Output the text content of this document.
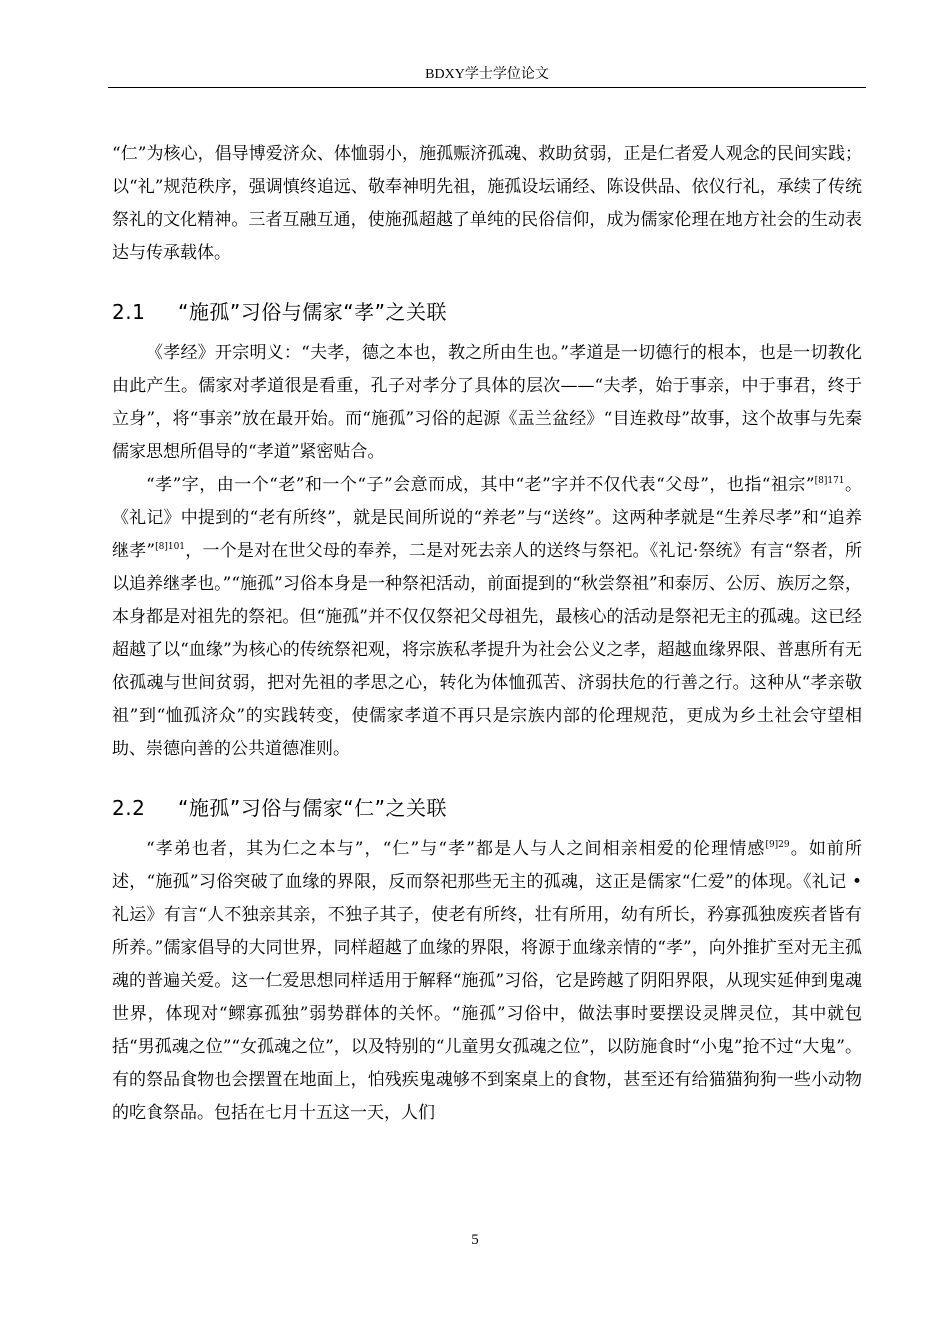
BDXY学士学位论文

“仁”为核心，倡导博爱济众、体恤弱小，施孤赈济孤魂、救助贫弱，正是仁者爱人观念的民间实践；以“礼”规范秩序，强调慎终追远、敬奉神明先祖，施孤设坛诵经、陈设供品、依仪行礼，承续了传统祭礼的文化精神。三者互融互通，使施孤超越了单纯的民俗信仰，成为儒家伦理在地方社会的生动表达与传承载体。

2.1 “施孤”习俗与儒家“孝”之关联

《孝经》开宗明义：“夫孝，德之本也，教之所由生也。”孝道是一切德行的根本，也是一切教化由此产生。儒家对孝道很是看重，孔子对孝分了具体的层次——“夫孝，始于事亲，中于事君，终于立身”，将“事亲”放在最开始。而“施孤”习俗的起源《盂兰盆经》“目连救母”故事，这个故事与先秦儒家思想所倡导的“孝道”紧密贴合。

“孝”字，由一个“老”和一个“子”会意而成，其中“老”字并不仅代表“父母”，也指“祖宗”$^{[8]171}$。《礼记》中提到的“老有所终”，就是民间所说的“养老”与“送终”。这两种孝就是“生养尽孝”和“追养继孝”$^{[8]101}$，一个是对在世父母的奉养，二是对死去亲人的送终与祭祀。《礼记·祭统》有言“祭者，所以追养继孝也。”“施孤”习俗本身是一种祭祀活动，前面提到的“秋尝祭祖”和泰厉、公厉、族厉之祭，本身都是对祖先的祭祀。但“施孤”并不仅仅祭祀父母祖先，最核心的活动是祭祀无主的孤魂。这已经超越了以“血缘”为核心的传统祭祀观，将宗族私孝提升为社会公义之孝，超越血缘界限、普惠所有无依孤魂与世间贫弱，把对先祖的孝思之心，转化为体恤孤苦、济弱扶危的行善之行。这种从“孝亲敬祖”到“恤孤济众”的实践转变，使儒家孝道不再只是宗族内部的伦理规范，更成为乡土社会守望相助、崇德向善的公共道德准则。

2.2 “施孤”习俗与儒家“仁”之关联

“孝弟也者，其为仁之本与”，“仁”与“孝”都是人与人之间相亲相爱的伦理情感$^{[9]29}$。如前所述，“施孤”习俗突破了血缘的界限，反而祭祀那些无主的孤魂，这正是儒家“仁爱”的体现。《礼记 • 礼运》有言“人不独亲其亲，不独子其子，使老有所终，壮有所用，幼有所长，矜寡孤独废疾者皆有所养。”儒家倡导的大同世界，同样超越了血缘的界限，将源于血缘亲情的“孝”，向外推扩至对无主孤魂的普遍关爱。这一仁爱思想同样适用于解释“施孤”习俗，它是跨越了阴阳界限，从现实延伸到鬼魂世界，体现对“鳏寡孤独”弱势群体的关怀。“施孤”习俗中，做法事时要摆设灵牌灵位，其中就包括“男孤魂之位”“女孤魂之位”，以及特别的“儿童男女孤魂之位”，以防施食时“小鬼”抢不过“大鬼”。有的祭品食物也会摆置在地面上，怕残疾鬼魂够不到案桌上的食物，甚至还有给猫猫狗狗一些小动物的吃食祭品。包括在七月十五这一天，人们

5
